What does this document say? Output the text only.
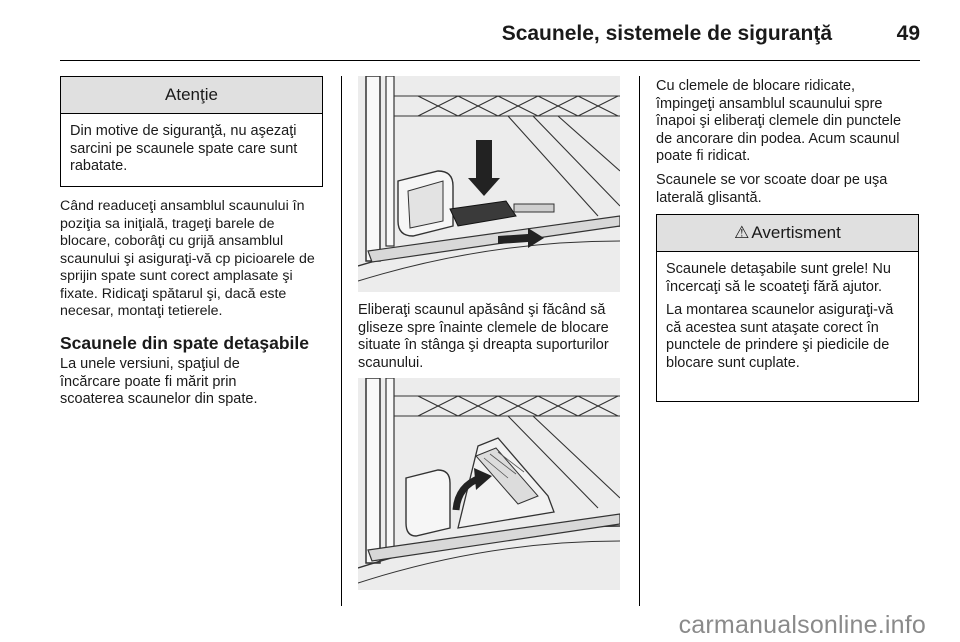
Scaunele, sistemele de siguranţă	49
Atenţie

Din motive de siguranţă, nu aşezaţi sarcini pe scaunele spate care sunt rabatate.

Când readuceţi ansamblul scaunului în poziţia sa iniţială, trageţi barele de blocare, coborâţi cu grijă ansamblul scaunului şi asiguraţi-vă cp picioarele de sprijin spate sunt corect amplasate şi fixate. Ridicaţi spătarul şi, dacă este necesar, montaţi tetierele.

Scaunele din spate detaşabile

La unele versiuni, spaţiul de încărcare poate fi mărit prin scoaterea scaunelor din spate.

Eliberaţi scaunul apăsând şi făcând să gliseze spre înainte clemele de blocare situate în stânga şi dreapta suporturilor scaunului.

Cu clemele de blocare ridicate, împingeţi ansamblul scaunului spre înapoi şi eliberaţi clemele din punctele de ancorare din podea. Acum scaunul poate fi ridicat.

Scaunele se vor scoate doar pe uşa laterală glisantă.

⚠ Avertisment

Scaunele detaşabile sunt grele! Nu încercaţi să le scoateţi fără ajutor.

La montarea scaunelor asiguraţi-vă că acestea sunt ataşate corect în punctele de prindere şi piedicile de blocare sunt cuplate.

carmanualsonline.info
